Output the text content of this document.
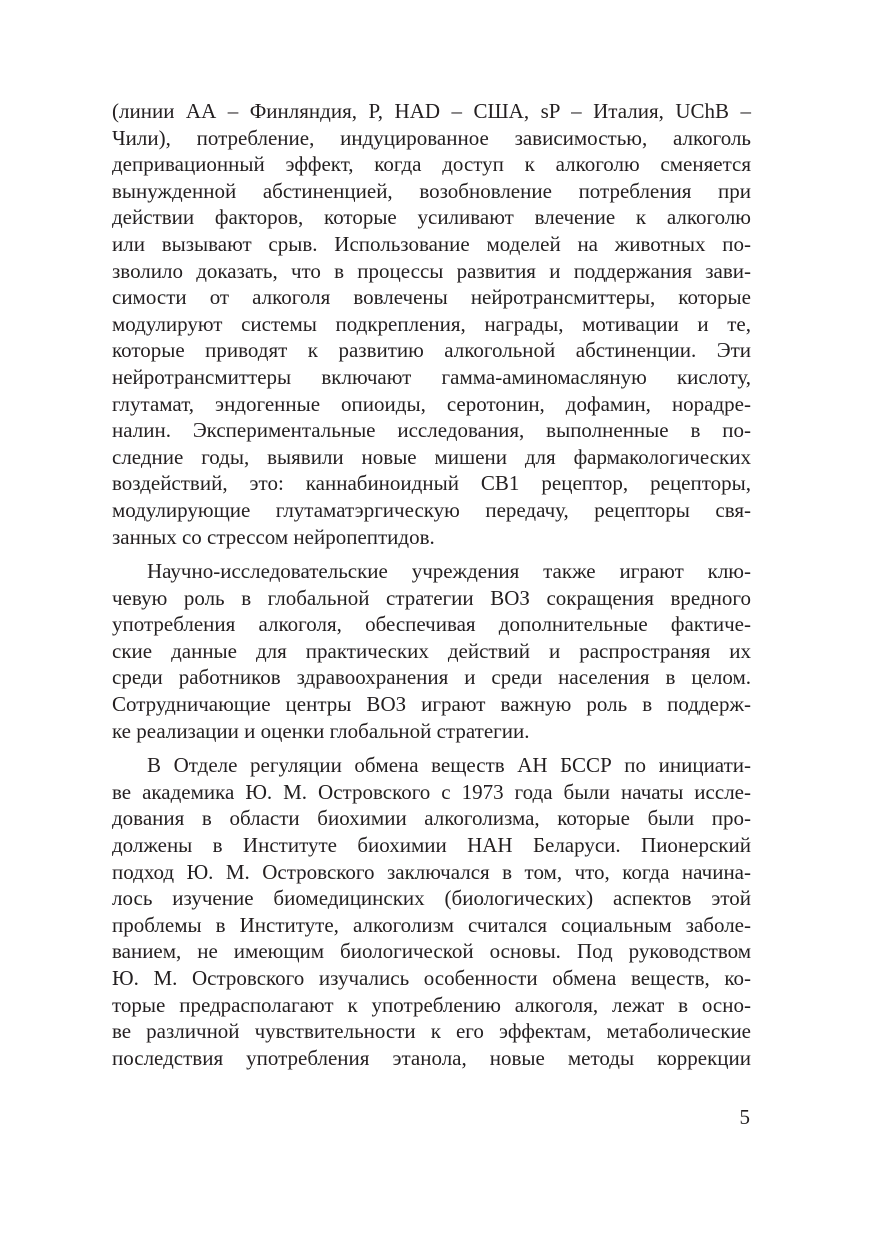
(линии АА – Финляндия, P, HAD – США, sP – Италия, UChB –
Чили), потребление, индуцированное зависимостью, алкоголь
депривационный эффект, когда доступ к алкоголю сменяется
вынужденной абстиненцией, возобновление потребления при
действии факторов, которые усиливают влечение к алкоголю
или вызывают срыв. Использование моделей на животных по-
зволило доказать, что в процессы развития и поддержания зави-
симости от алкоголя вовлечены нейротрансмиттеры, которые
модулируют системы подкрепления, награды, мотивации и те,
которые приводят к развитию алкогольной абстиненции. Эти
нейротрансмиттеры включают гамма-аминомасляную кислоту,
глутамат, эндогенные опиоиды, серотонин, дофамин, норадре-
налин. Экспериментальные исследования, выполненные в по-
следние годы, выявили новые мишени для фармакологических
воздействий, это: каннабиноидный CB1 рецептор, рецепторы,
модулирующие глутаматэргическую передачу, рецепторы свя-
занных со стрессом нейропептидов.
Научно-исследовательские учреждения также играют клю-
чевую роль в глобальной стратегии ВОЗ сокращения вредного
употребления алкоголя, обеспечивая дополнительные фактиче-
ские данные для практических действий и распространяя их
среди работников здравоохранения и среди населения в целом.
Сотрудничающие центры ВОЗ играют важную роль в поддерж-
ке реализации и оценки глобальной стратегии.
В Отделе регуляции обмена веществ АН БССР по инициати-
ве академика Ю. М. Островского с 1973 года были начаты иссле-
дования в области биохимии алкоголизма, которые были про-
должены в Институте биохимии НАН Беларуси. Пионерский
подход Ю. М. Островского заключался в том, что, когда начина-
лось изучение биомедицинских (биологических) аспектов этой
проблемы в Институте, алкоголизм считался социальным заболе-
ванием, не имеющим биологической основы. Под руководством
Ю. М. Островского изучались особенности обмена веществ, ко-
торые предрасполагают к употреблению алкоголя, лежат в осно-
ве различной чувствительности к его эффектам, метаболические
последствия употребления этанола, новые методы коррекции
5
